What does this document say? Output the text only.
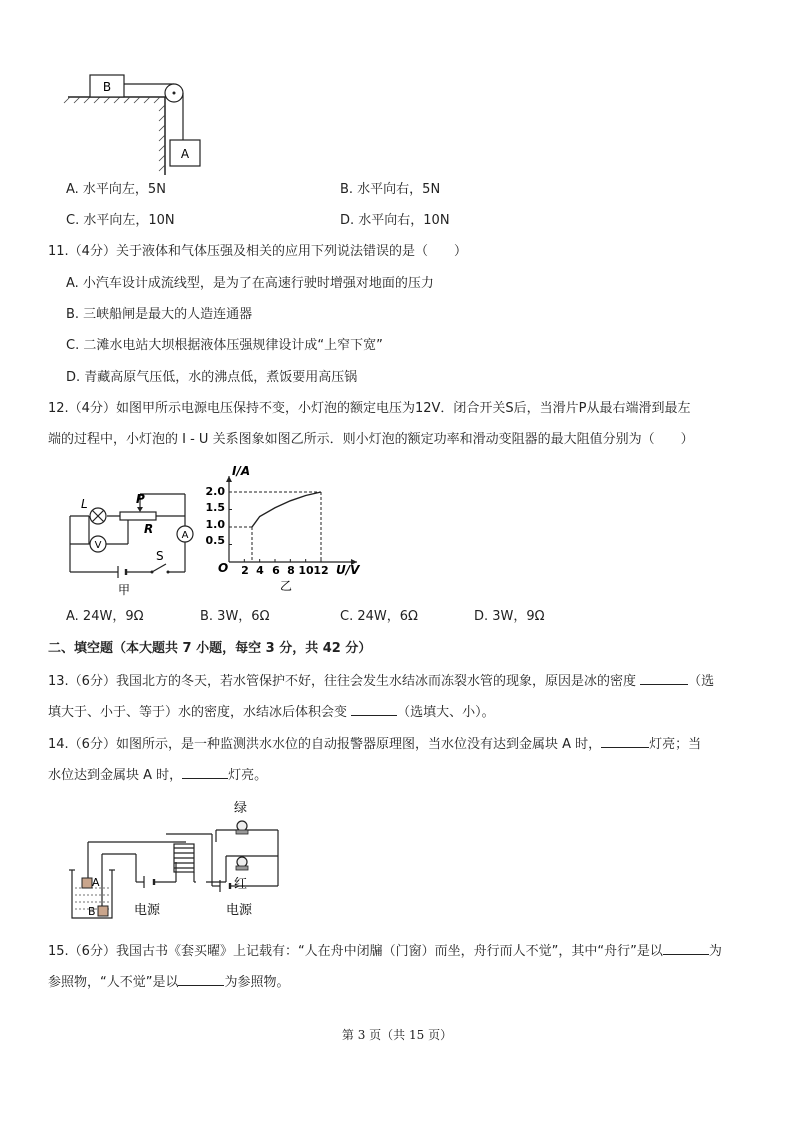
B
A
A. 水平向左，5N	B. 水平向右，5N
C. 水平向左，10N	D. 水平向右，10N
11.（4分）关于液体和气体压强及相关的应用下列说法错误的是（　　）
A. 小汽车设计成流线型，是为了在高速行驶时增强对地面的压力
B. 三峡船闸是最大的人造连通器
C. 二滩水电站大坝根据液体压强规律设计成“上窄下宽”
D. 青藏高原气压低，水的沸点低，煮饭要用高压锅
12.（4分）如图甲所示电源电压保持不变，小灯泡的额定电压为12V．闭合开关S后，当滑片P从最右端滑到最左
端的过程中，小灯泡的 I - U 关系图象如图乙所示．则小灯泡的额定功率和滑动变阻器的最大阻值分别为（　　）
L	P
R
V
A
S
甲
I/A
U/V
O
2.0
1.5
1.0
0.5
2 4 6 8 10 12
乙
A. 24W，9Ω	B. 3W，6Ω	C. 24W，6Ω	D. 3W，9Ω
二、填空题（本大题共 7 小题，每空 3 分，共 42 分）
13.（6分）我国北方的冬天，若水管保护不好，往往会发生水结冰而冻裂水管的现象，原因是冰的密度	（选
填大于、小于、等于）水的密度，水结冰后体积会变	（选填大、小）。
14.（6分）如图所示，是一种监测洪水水位的自动报警器原理图，当水位没有达到金属块 A 时，	灯亮；当
水位达到金属块 A 时，	灯亮。
A
B
绿
红
电源	电源
15.（6分）我国古书《套买曜》上记载有：“人在舟中闭牖（门窗）而坐，舟行而人不觉”，其中“舟行”是以	为
参照物，“人不觉”是以	为参照物。
第 3 页（共 15 页）
